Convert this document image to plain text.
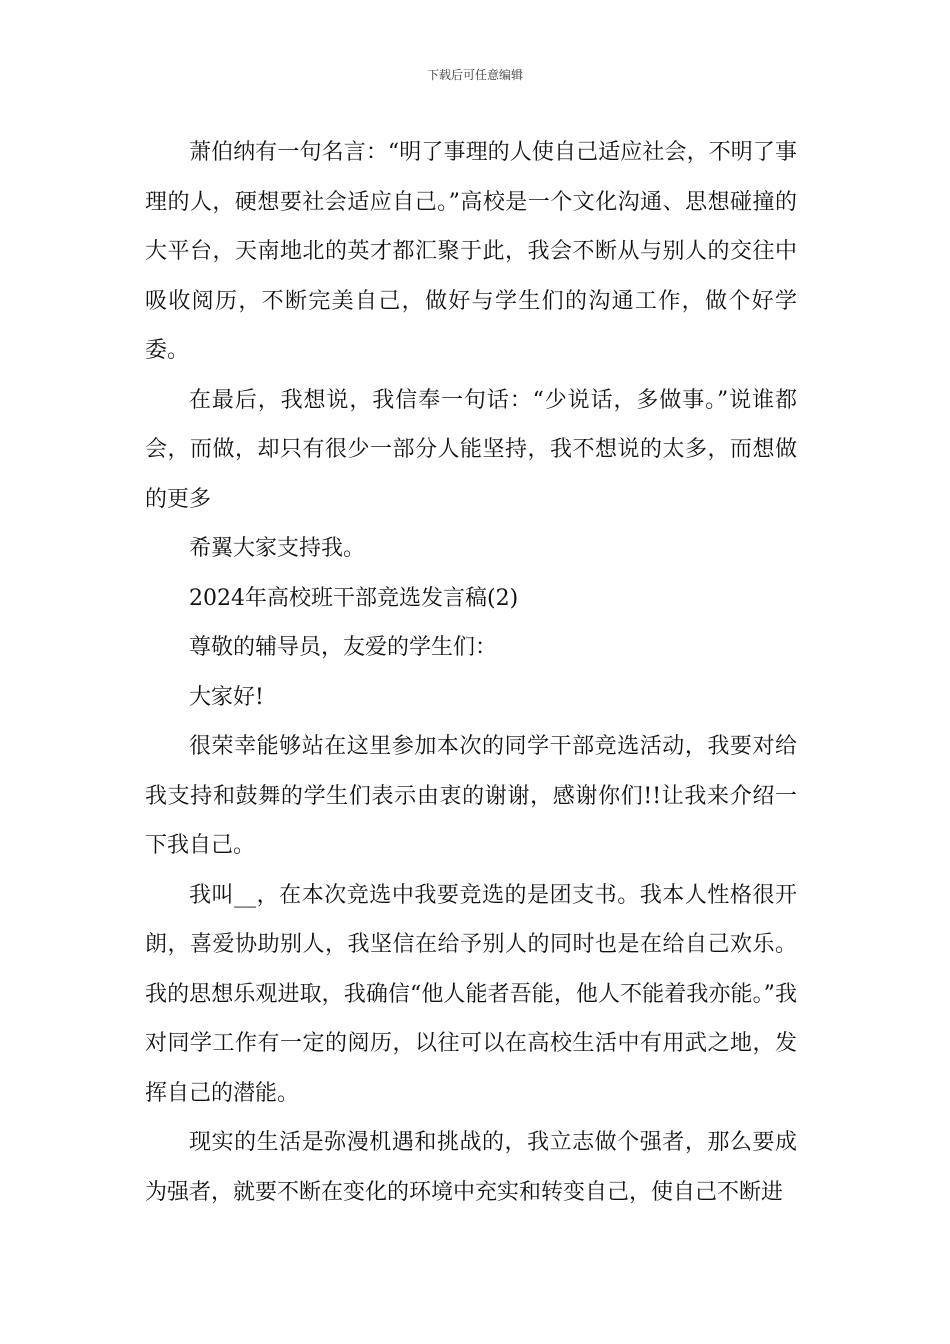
下载后可任意编辑

萧伯纳有一句名言：“明了事理的人使自己适应社会，不明了事理的人，硬想要社会适应自己。”高校是一个文化沟通、思想碰撞的大平台，天南地北的英才都汇聚于此，我会不断从与别人的交往中吸收阅历，不断完美自己，做好与学生们的沟通工作，做个好学委。

在最后，我想说，我信奉一句话：“少说话，多做事。”说谁都会，而做，却只有很少一部分人能坚持，我不想说的太多，而想做的更多

希翼大家支持我。

2024年高校班干部竞选发言稿(2)

尊敬的辅导员，友爱的学生们：

大家好!

很荣幸能够站在这里参加本次的同学干部竞选活动，我要对给我支持和鼓舞的学生们表示由衷的谢谢，感谢你们!!让我来介绍一下我自己。

我叫__，在本次竞选中我要竞选的是团支书。我本人性格很开朗，喜爱协助别人，我坚信在给予别人的同时也是在给自己欢乐。我的思想乐观进取，我确信“他人能者吾能，他人不能着我亦能。”我对同学工作有一定的阅历，以往可以在高校生活中有用武之地，发挥自己的潜能。

现实的生活是弥漫机遇和挑战的，我立志做个强者，那么要成为强者，就要不断在变化的环境中充实和转变自己，使自己不断进
